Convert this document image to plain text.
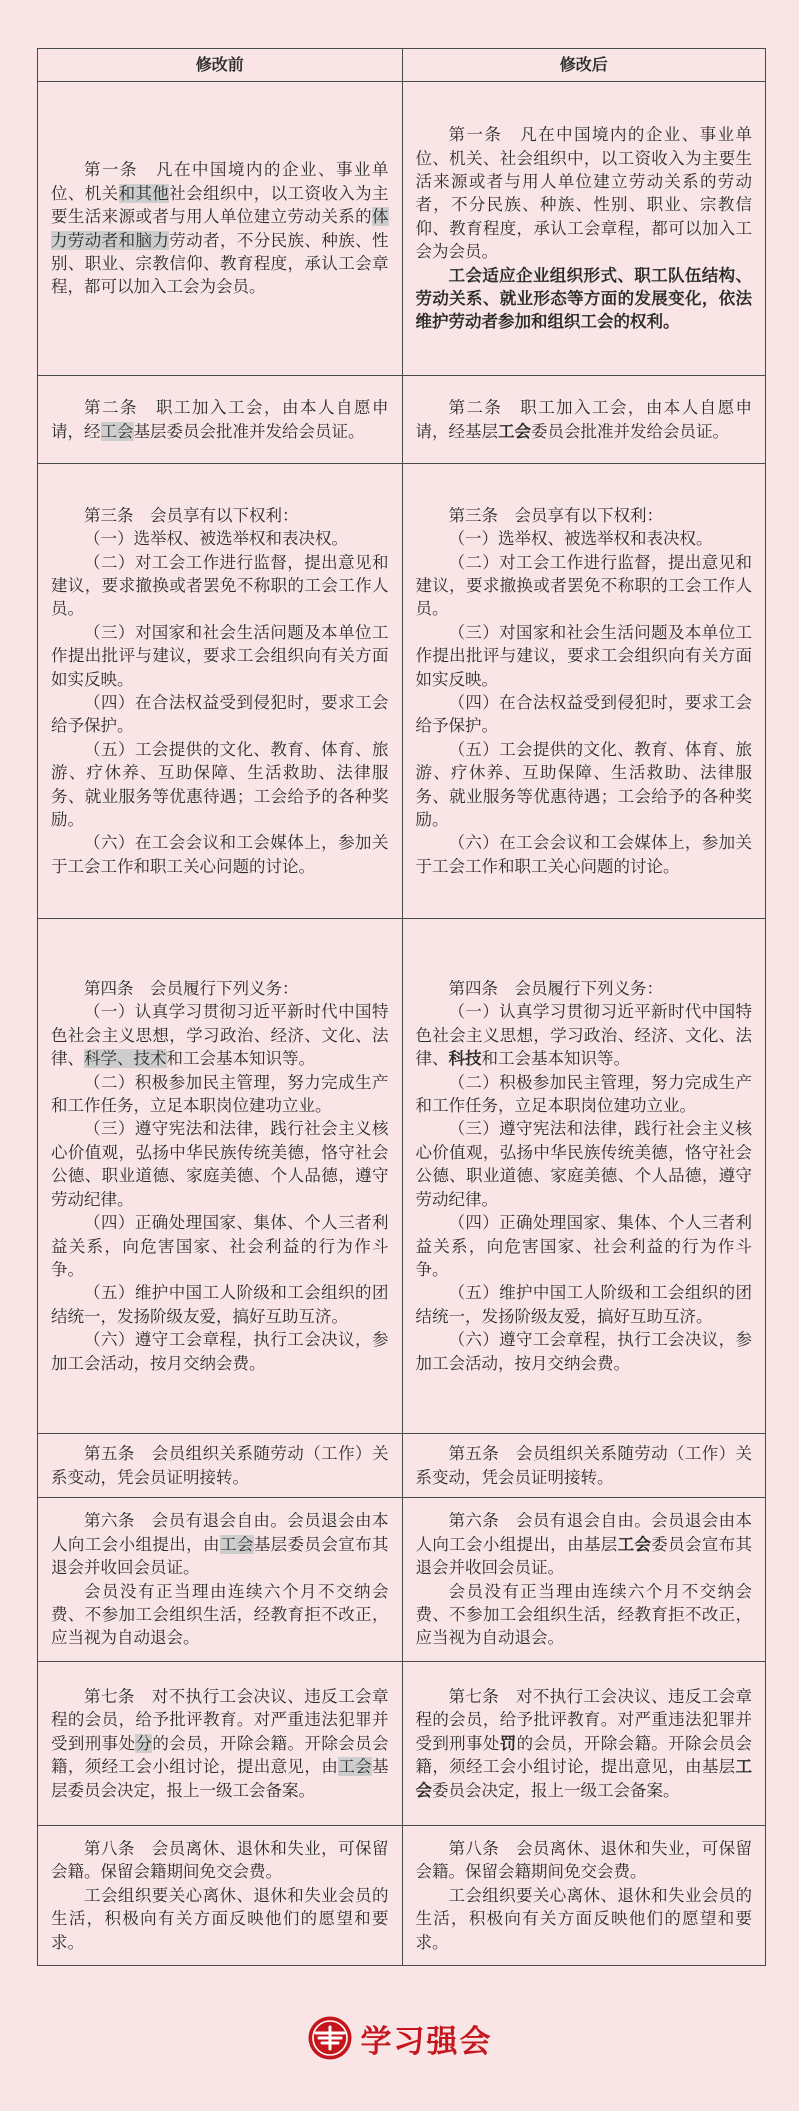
修改前	修改后

第一条　凡在中国境内的企业、事业单位、机关和其他社会组织中，以工资收入为主要生活来源或者与用人单位建立劳动关系的体力劳动者和脑力劳动者，不分民族、种族、性别、职业、宗教信仰、教育程度，承认工会章程，都可以加入工会为会员。

第一条　凡在中国境内的企业、事业单位、机关、社会组织中，以工资收入为主要生活来源或者与用人单位建立劳动关系的劳动者，不分民族、种族、性别、职业、宗教信仰、教育程度，承认工会章程，都可以加入工会为会员。

工会适应企业组织形式、职工队伍结构、劳动关系、就业形态等方面的发展变化，依法维护劳动者参加和组织工会的权利。

第二条　职工加入工会，由本人自愿申请，经工会基层委员会批准并发给会员证。

第二条　职工加入工会，由本人自愿申请，经基层工会委员会批准并发给会员证。

第三条　会员享有以下权利：

（一）选举权、被选举权和表决权。

（二）对工会工作进行监督，提出意见和建议，要求撤换或者罢免不称职的工会工作人员。

（三）对国家和社会生活问题及本单位工作提出批评与建议，要求工会组织向有关方面如实反映。

（四）在合法权益受到侵犯时，要求工会给予保护。

（五）工会提供的文化、教育、体育、旅游、疗休养、互助保障、生活救助、法律服务、就业服务等优惠待遇；工会给予的各种奖励。

（六）在工会会议和工会媒体上，参加关于工会工作和职工关心问题的讨论。

第三条　会员享有以下权利：

（一）选举权、被选举权和表决权。

（二）对工会工作进行监督，提出意见和建议，要求撤换或者罢免不称职的工会工作人员。

（三）对国家和社会生活问题及本单位工作提出批评与建议，要求工会组织向有关方面如实反映。

（四）在合法权益受到侵犯时，要求工会给予保护。

（五）工会提供的文化、教育、体育、旅游、疗休养、互助保障、生活救助、法律服务、就业服务等优惠待遇；工会给予的各种奖励。

（六）在工会会议和工会媒体上，参加关于工会工作和职工关心问题的讨论。

第四条　会员履行下列义务：

（一）认真学习贯彻习近平新时代中国特色社会主义思想，学习政治、经济、文化、法律、科学、技术和工会基本知识等。

（二）积极参加民主管理，努力完成生产和工作任务，立足本职岗位建功立业。

（三）遵守宪法和法律，践行社会主义核心价值观，弘扬中华民族传统美德，恪守社会公德、职业道德、家庭美德、个人品德，遵守劳动纪律。

（四）正确处理国家、集体、个人三者利益关系，向危害国家、社会利益的行为作斗争。

（五）维护中国工人阶级和工会组织的团结统一，发扬阶级友爱，搞好互助互济。

（六）遵守工会章程，执行工会决议，参加工会活动，按月交纳会费。

第四条　会员履行下列义务：

（一）认真学习贯彻习近平新时代中国特色社会主义思想，学习政治、经济、文化、法律、科技和工会基本知识等。

（二）积极参加民主管理，努力完成生产和工作任务，立足本职岗位建功立业。

（三）遵守宪法和法律，践行社会主义核心价值观，弘扬中华民族传统美德，恪守社会公德、职业道德、家庭美德、个人品德，遵守劳动纪律。

（四）正确处理国家、集体、个人三者利益关系，向危害国家、社会利益的行为作斗争。

（五）维护中国工人阶级和工会组织的团结统一，发扬阶级友爱，搞好互助互济。

（六）遵守工会章程，执行工会决议，参加工会活动，按月交纳会费。

第五条　会员组织关系随劳动（工作）关系变动，凭会员证明接转。

第五条　会员组织关系随劳动（工作）关系变动，凭会员证明接转。

第六条　会员有退会自由。会员退会由本人向工会小组提出，由工会基层委员会宣布其退会并收回会员证。

会员没有正当理由连续六个月不交纳会费、不参加工会组织生活，经教育拒不改正，应当视为自动退会。

第六条　会员有退会自由。会员退会由本人向工会小组提出，由基层工会委员会宣布其退会并收回会员证。

会员没有正当理由连续六个月不交纳会费、不参加工会组织生活，经教育拒不改正，应当视为自动退会。

第七条　对不执行工会决议、违反工会章程的会员，给予批评教育。对严重违法犯罪并受到刑事处分的会员，开除会籍。开除会员会籍，须经工会小组讨论，提出意见，由工会基层委员会决定，报上一级工会备案。

第七条　对不执行工会决议、违反工会章程的会员，给予批评教育。对严重违法犯罪并受到刑事处罚的会员，开除会籍。开除会员会籍，须经工会小组讨论，提出意见，由基层工会委员会决定，报上一级工会备案。

第八条　会员离休、退休和失业，可保留会籍。保留会籍期间免交会费。

工会组织要关心离休、退休和失业会员的生活，积极向有关方面反映他们的愿望和要求。

第八条　会员离休、退休和失业，可保留会籍。保留会籍期间免交会费。

工会组织要关心离休、退休和失业会员的生活，积极向有关方面反映他们的愿望和要求。

学习强会
